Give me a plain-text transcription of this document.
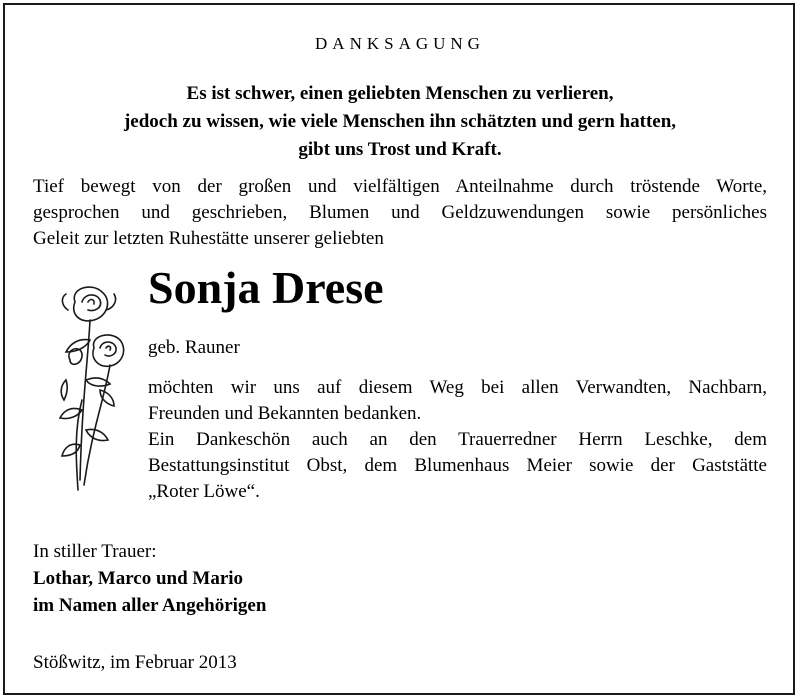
DANKSAGUNG
Es ist schwer, einen geliebten Menschen zu verlieren,
jedoch zu wissen, wie viele Menschen ihn schätzten und gern hatten,
gibt uns Trost und Kraft.
Tief bewegt von der großen und vielfältigen Anteilnahme durch tröstende Worte,
gesprochen und geschrieben, Blumen und Geldzuwendungen sowie persönliches
Geleit zur letzten Ruhestätte unserer geliebten
Sonja Drese
geb. Rauner
möchten wir uns auf diesem Weg bei allen Verwandten, Nachbarn,
Freunden und Bekannten bedanken.
Ein Dankeschön auch an den Trauerredner Herrn Leschke, dem
Bestattungsinstitut Obst, dem Blumenhaus Meier sowie der Gaststätte
„Roter Löwe“.
In stiller Trauer:
Lothar, Marco und Mario
im Namen aller Angehörigen
Stößwitz, im Februar 2013
